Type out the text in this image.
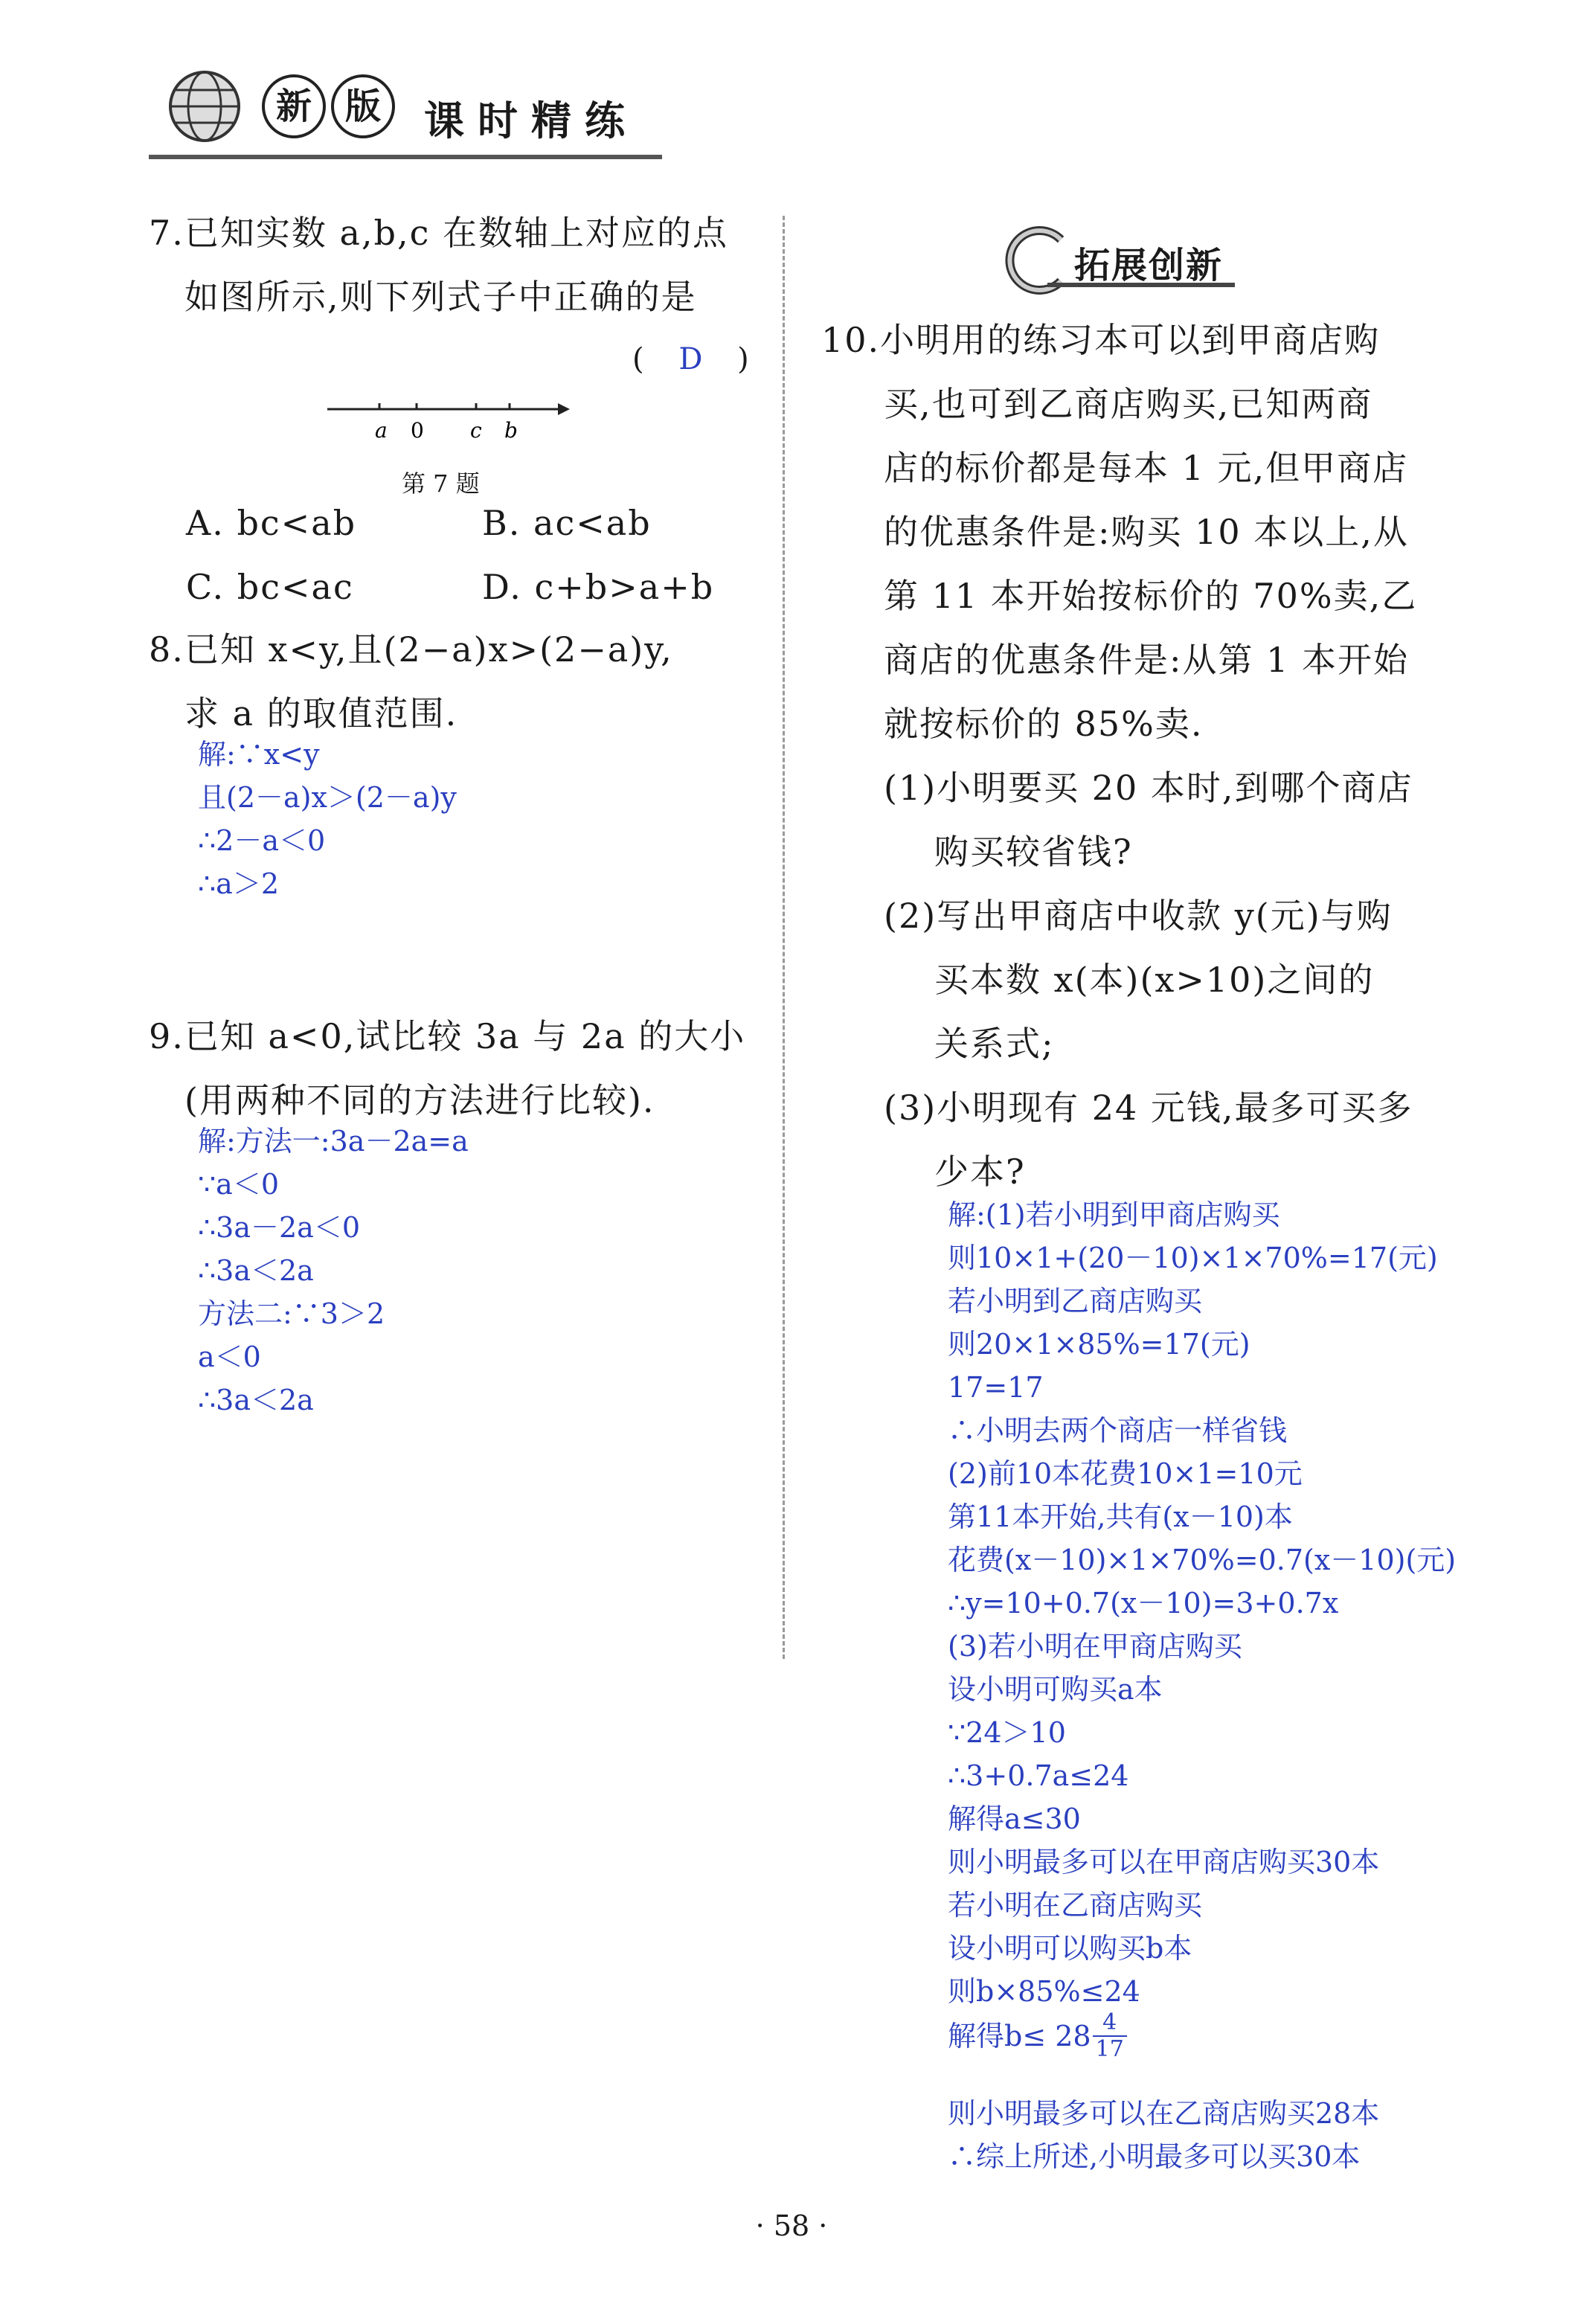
新 版	课时精练
7.已知实数 a,b,c 在数轴上对应的点
如图所示,则下列式子中正确的是
( D )
a 0 c b
第 7 题
A. bc<ab	B. ac<ab
C. bc<ac	D. c+b>a+b
8.已知 x<y,且(2−a)x>(2−a)y,
求 a 的取值范围.
解:∵x<y
且(2－a)x＞(2－a)y
∴2－a＜0
∴a＞2
9.已知 a<0,试比较 3a 与 2a 的大小
(用两种不同的方法进行比较).
解:方法一:3a－2a=a
∵a＜0
∴3a－2a＜0
∴3a＜2a
方法二:∵3＞2
a＜0
∴3a＜2a
拓展创新
10.小明用的练习本可以到甲商店购
买,也可到乙商店购买,已知两商
店的标价都是每本 1 元,但甲商店
的优惠条件是:购买 10 本以上,从
第 11 本开始按标价的 70%卖,乙
商店的优惠条件是:从第 1 本开始
就按标价的 85%卖.
(1)小明要买 20 本时,到哪个商店
购买较省钱?
(2)写出甲商店中收款 y(元)与购
买本数 x(本)(x>10)之间的
关系式;
(3)小明现有 24 元钱,最多可买多
少本?
解:(1)若小明到甲商店购买
则10×1+(20－10)×1×70%=17(元)
若小明到乙商店购买
则20×1×85%=17(元)
17=17
∴小明去两个商店一样省钱
(2)前10本花费10×1=10元
第11本开始,共有(x－10)本
花费(x－10)×1×70%=0.7(x－10)(元)
∴y=10+0.7(x－10)=3+0.7x
(3)若小明在甲商店购买
设小明可购买a本
∵24＞10
∴3+0.7a≤24
解得a≤30
则小明最多可以在甲商店购买30本
若小明在乙商店购买
设小明可以购买b本
则b×85%≤24
解得$b\le 28 \frac{4}{17}$
则小明最多可以在乙商店购买28本
∴综上所述,小明最多可以买30本
· 58 ·
